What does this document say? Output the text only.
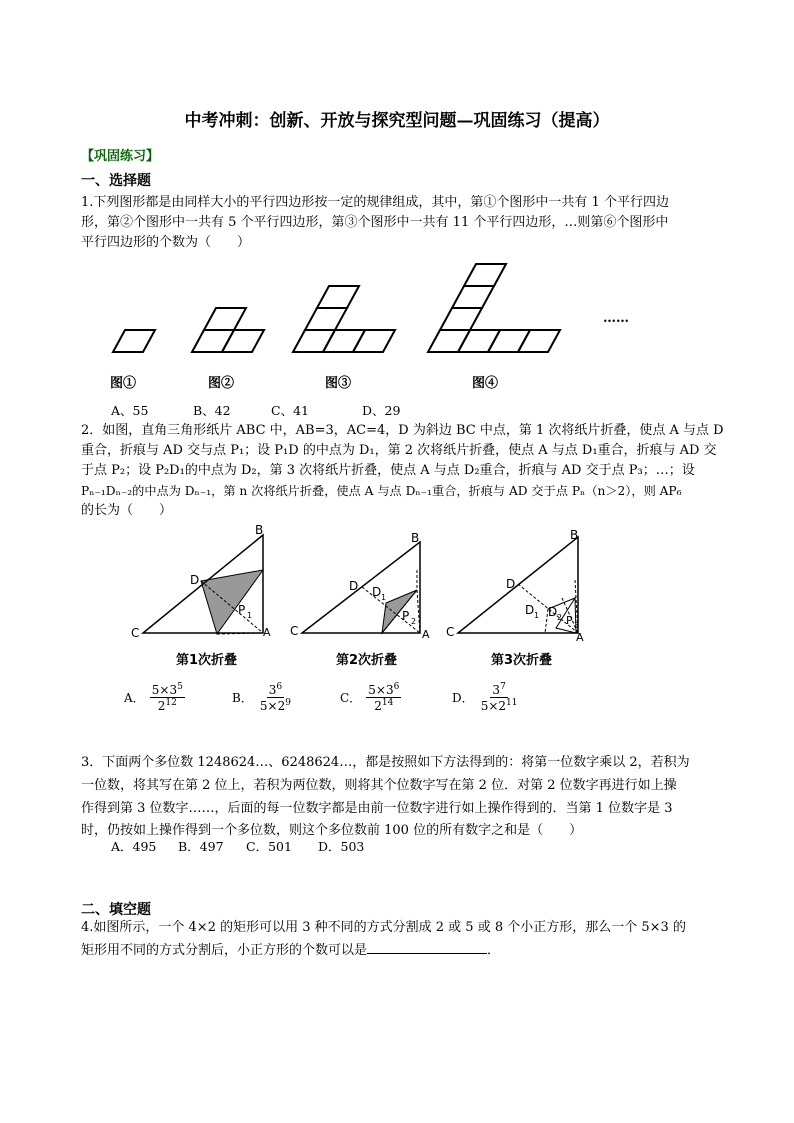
中考冲刺：创新、开放与探究型问题—巩固练习（提高）
【巩固练习】
一、选择题
1.下列图形都是由同样大小的平行四边形按一定的规律组成，其中，第①个图形中一共有 1 个平行四边
形，第②个图形中一共有 5 个平行四边形，第③个图形中一共有 11 个平行四边形，…则第⑥个图形中
平行四边形的个数为（　　）
……
图①	图②	图③	图④
A、55	B、42	C、41	D、29
2．如图，直角三角形纸片 ABC 中，AB=3，AC=4，D 为斜边 BC 中点，第 1 次将纸片折叠，使点 A 与点 D
重合，折痕与 AD 交与点 P₁；设 P₁D 的中点为 D₁，第 2 次将纸片折叠，使点 A 与点 D₁重合，折痕与 AD 交
于点 P₂；设 P₂D₁的中点为 D₂，第 3 次将纸片折叠，使点 A 与点 D₂重合，折痕与 AD 交于点 P₃；…；设
Pₙ₋₁Dₙ₋₂的中点为 Dₙ₋₁，第 n 次将纸片折叠，使点 A 与点 Dₙ₋₁重合，折痕与 AD 交于点 Pₙ（n＞2），则 AP₆
的长为（　　）
B
D
C	A
P 1
B
D D 1
C	A
P 2
B
D
D 1 D 2
C	A
P 3
第1次折叠	第2次折叠	第3次折叠
A． $\frac{5\times 3^5}{2^{12}}$	B． $\frac{3^6}{5\times 2^9}$	C． $\frac{5\times 3^6}{2^{14}}$	D． $\frac{3^7}{5\times 2^{11}}$
3．下面两个多位数 1248624…、6248624…，都是按照如下方法得到的：将第一位数字乘以 2，若积为
一位数，将其写在第 2 位上，若积为两位数，则将其个位数字写在第 2 位．对第 2 位数字再进行如上操
作得到第 3 位数字……，后面的每一位数字都是由前一位数字进行如上操作得到的．当第 1 位数字是 3
时，仍按如上操作得到一个多位数，则这个多位数前 100 位的所有数字之和是（　　）
A．495 B．497 C．501 D．503
二、填空题
4.如图所示，一个 4×2 的矩形可以用 3 种不同的方式分割成 2 或 5 或 8 个小正方形，那么一个 5×3 的
矩形用不同的方式分割后，小正方形的个数可以是	．
